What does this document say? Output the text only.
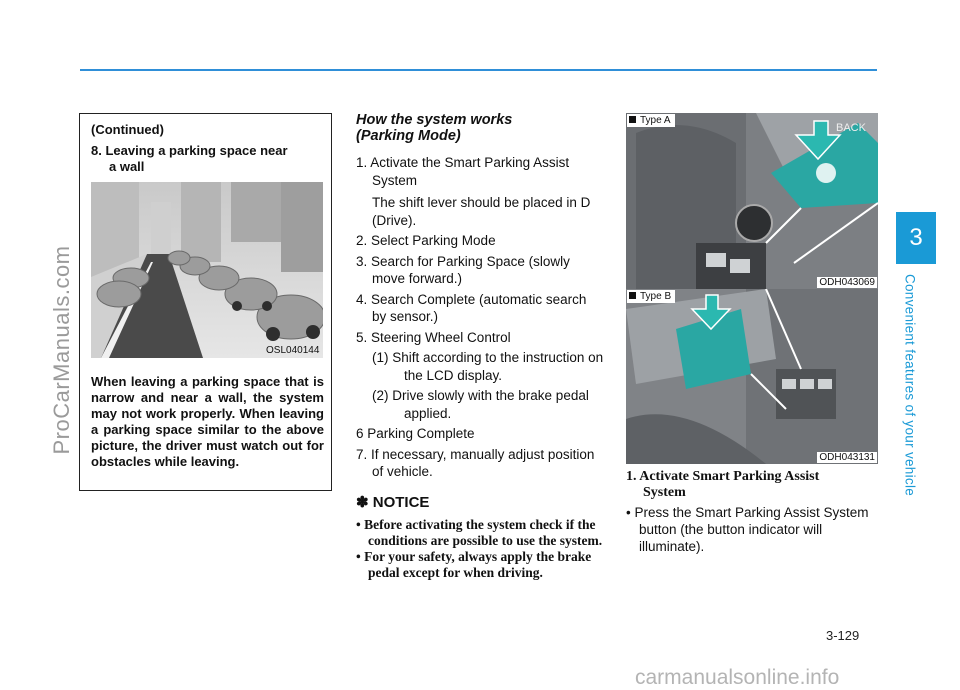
ProCarManuals.com
3
Convenient features of your vehicle
(Continued)
8. Leaving a parking space near
a wall
OSL040144
When leaving a parking space that is narrow and near a wall, the system may not work properly. When leaving a parking space similar to the above picture, the driver must watch out for obstacles while leaving.

How the system works
(Parking Mode)

1. Activate the Smart Parking Assist System
The shift lever should be placed in D (Drive).
2. Select Parking Mode
3. Search for Parking Space (slowly move forward.)
4. Search Complete (automatic search by sensor.)
5. Steering Wheel Control
(1) Shift according to the instruction on the LCD display.
(2) Drive slowly with the brake pedal applied.
6 Parking Complete
7. If necessary, manually adjust position of vehicle.
✽ NOTICE
• Before activating the system check if the conditions are possible to use the system.
• For your safety, always apply the brake pedal except for when driving.
BACK
Type A
ODH043069
Type B
ODH043131
1. Activate Smart Parking Assist
System
• Press the Smart Parking Assist System button (the button indicator will illuminate).
3-129
carmanualsonline.info
